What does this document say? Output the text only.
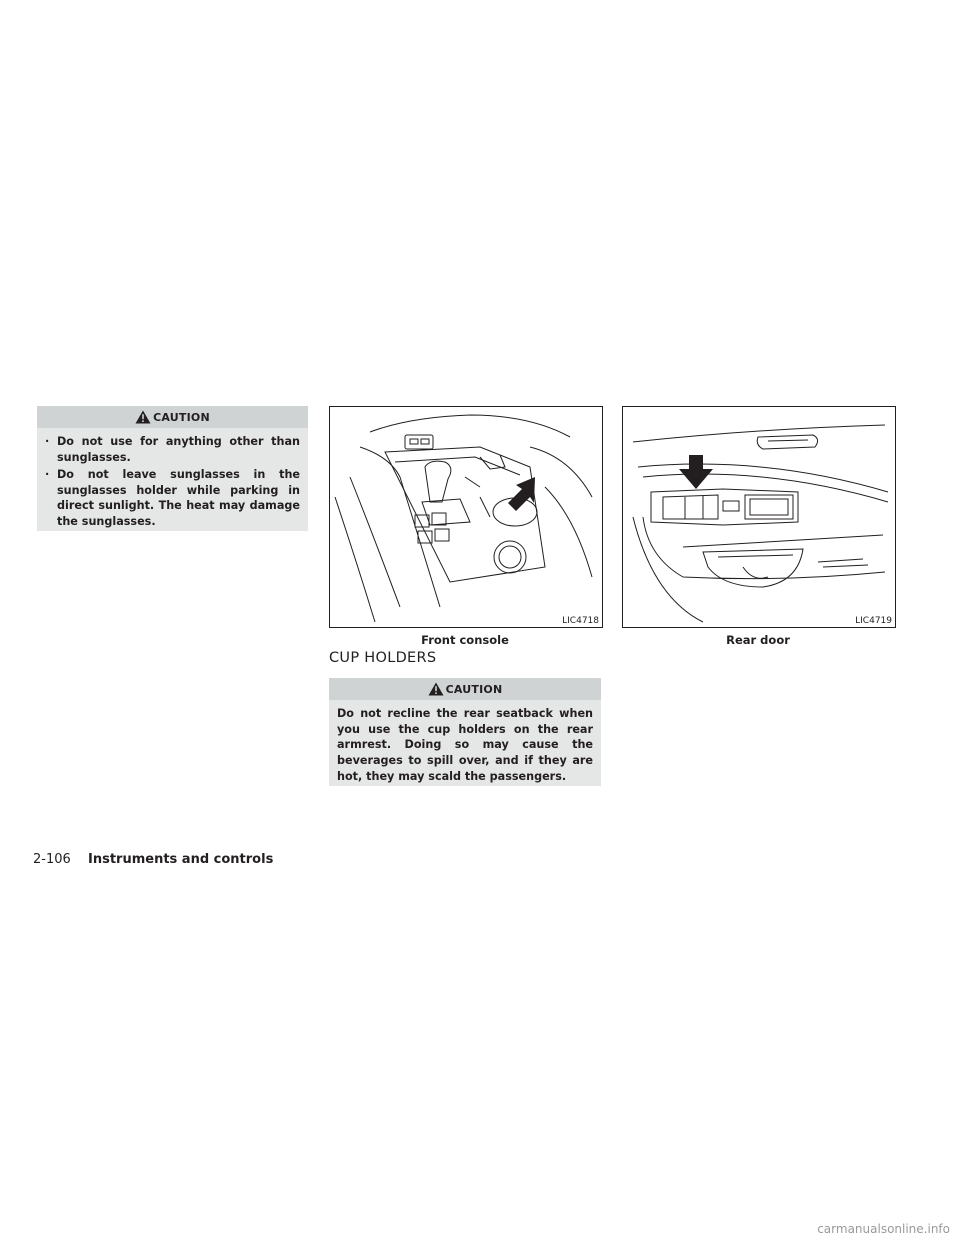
CAUTION
· Do not use for anything other than sunglasses.
· Do not leave sunglasses in the sunglasses holder while parking in direct sunlight. The heat may damage the sunglasses.
LIC4718
Front console
LIC4719
Rear door
CUP HOLDERS
CAUTION

Do not recline the rear seatback when you use the cup holders on the rear armrest. Doing so may cause the beverages to spill over, and if they are hot, they may scald the passengers.

2-106 Instruments and controls
carmanualsonline.info
